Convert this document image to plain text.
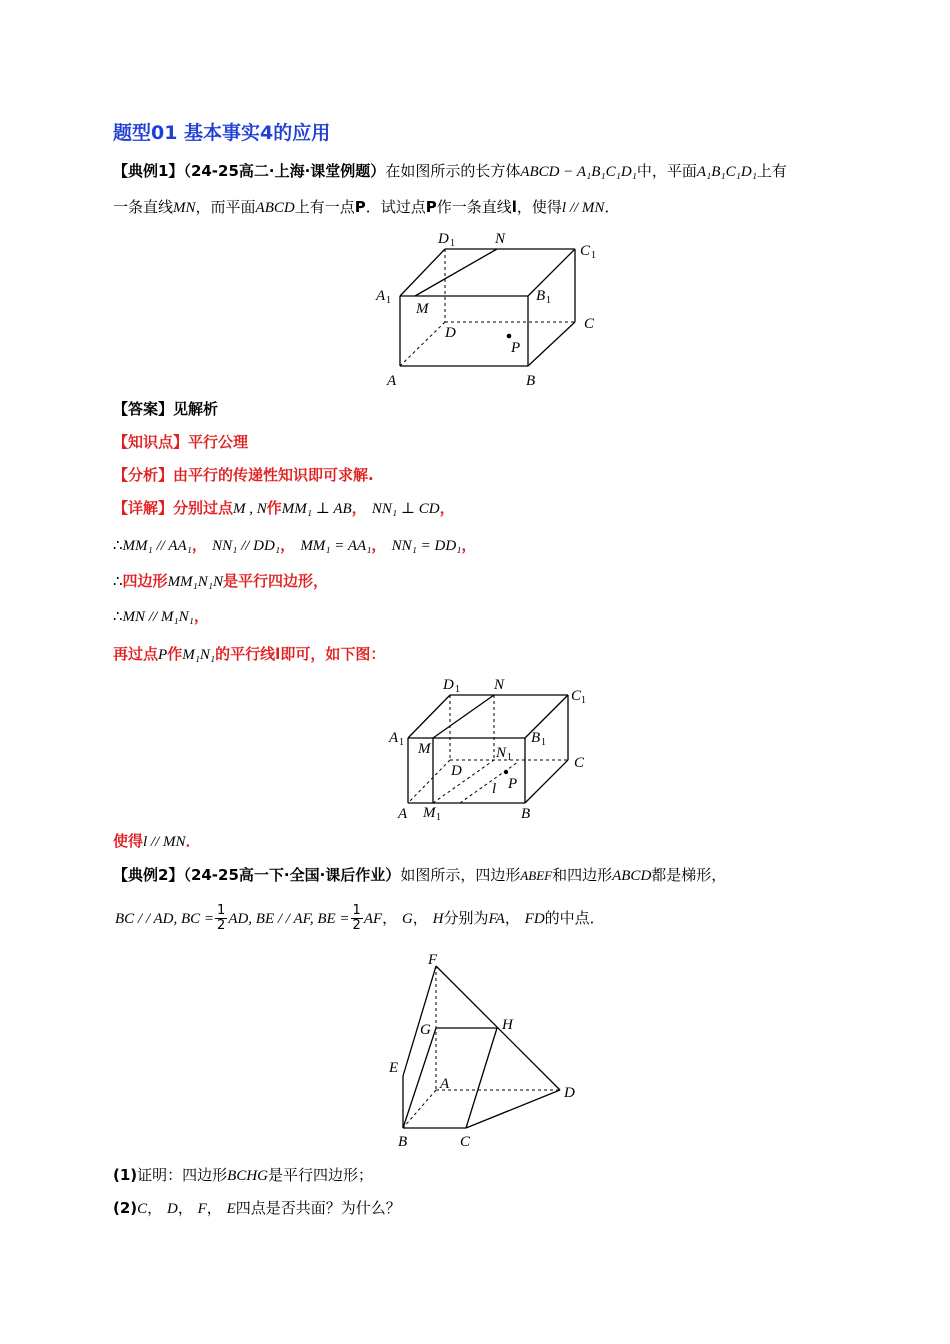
题型01 基本事实4的应用
【典例1】（24-25高二·上海·课堂例题）在如图所示的长方体ABCD − A₁B₁C₁D₁中，平面A₁B₁C₁D₁上有
一条直线MN，而平面ABCD上有一点P．试过点P作一条直线l，使得l // MN．
D 1	N
C 1
A 1
M
B 1
D
C
P
A	B
【答案】见解析
【知识点】平行公理
【分析】由平行的传递性知识即可求解.
【详解】分别过点M , N作MM₁ ⊥ AB， NN₁ ⊥ CD，
∴MM₁ // AA₁， NN₁ // DD₁， MM₁ = AA₁， NN₁ = DD₁，
∴四边形MM₁N₁N是平行四边形，
∴MN // M₁N₁，
再过点P作M₁N₁的平行线l即可，如下图：
D 1 N
C 1
A 1 M
B 1
N 1
D	C
P
l
A M 1	B
使得l // MN．
【典例2】（24-25高一下·全国·课后作业）如图所示，四边形ABEF和四边形ABCD都是梯形，
BC / / AD, BC = $\frac{1}{2}$ AD, BE / / AF, BE = $\frac{1}{2}$ AF， G， H分别为FA， FD的中点．
F
G	H
E
A
D
B	C
(1)证明：四边形BCHG是平行四边形；
(2)C， D， F， E四点是否共面？为什么？
